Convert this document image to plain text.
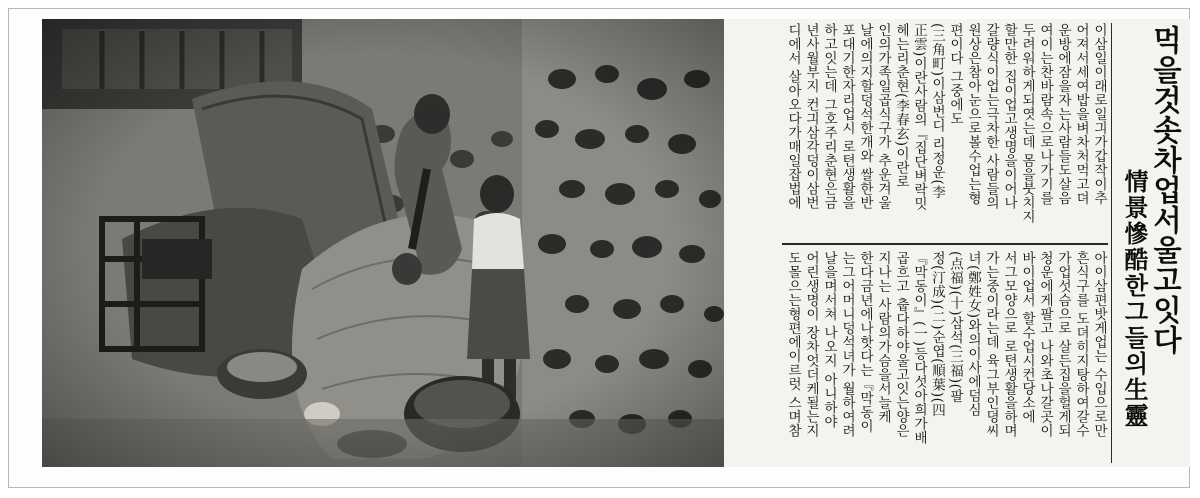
먹을것솟차업서울고잇다
情景慘酷한그들의生靈
이삼일이래로일긔가갑작이추
어져서세여밥을벼차처먹고뎌
운방에잠을자는사람들도살음
여이는찬바람속으로나가기를
두려워하게되엿는데 몸을붓치지
할만한 집이업고생명을이어나
갈량식이업는극차한 사람들의
원상은참아눈으로볼수업는형
편이다 그중에도
(三角町)이삼번디 리정운(李
正雲)이란사람의『집단벼락밋
헤는리춘현(李春玄)이란로
인의가족일곱식구가 추운겨울
날에의지할덩석한개와 쌀한반
포대기한자리업시 로텬생활을
하고잇는데 그호주리춘현은금
년사월부지 컨긔삼각덩이삼번
디에서 살아오다가매일잡법에
아이삼편밧게업는 수입으로만
흔식구를 도뎌히지탕하여갈수
가업섯슴으로 살든집을헐게되
청운에게팔고 나와초나갈곳이
바이업서 할수업시컨당소에
서그모양으로 로텬생활을하며
가는중이라는데 육그부인뎡씨
녀(鄭姓女)와의이사에덤심
(点福)(十)삼석(三福)(팔
정(汀成)(二)순엽(順葉)(四
『막동이』(一)등다섯아희가배
곱흐고 춥다하야울고잇는양은
지나는 사람의가슴을서늘케
한다금년에나핫다는『막동이
는그어머니덩석녀가 월하여려
날을며서쳐 나오지 아니하야
어린생명이 장차엇더케될는지
도몰으는형편에이르럿 스며참
